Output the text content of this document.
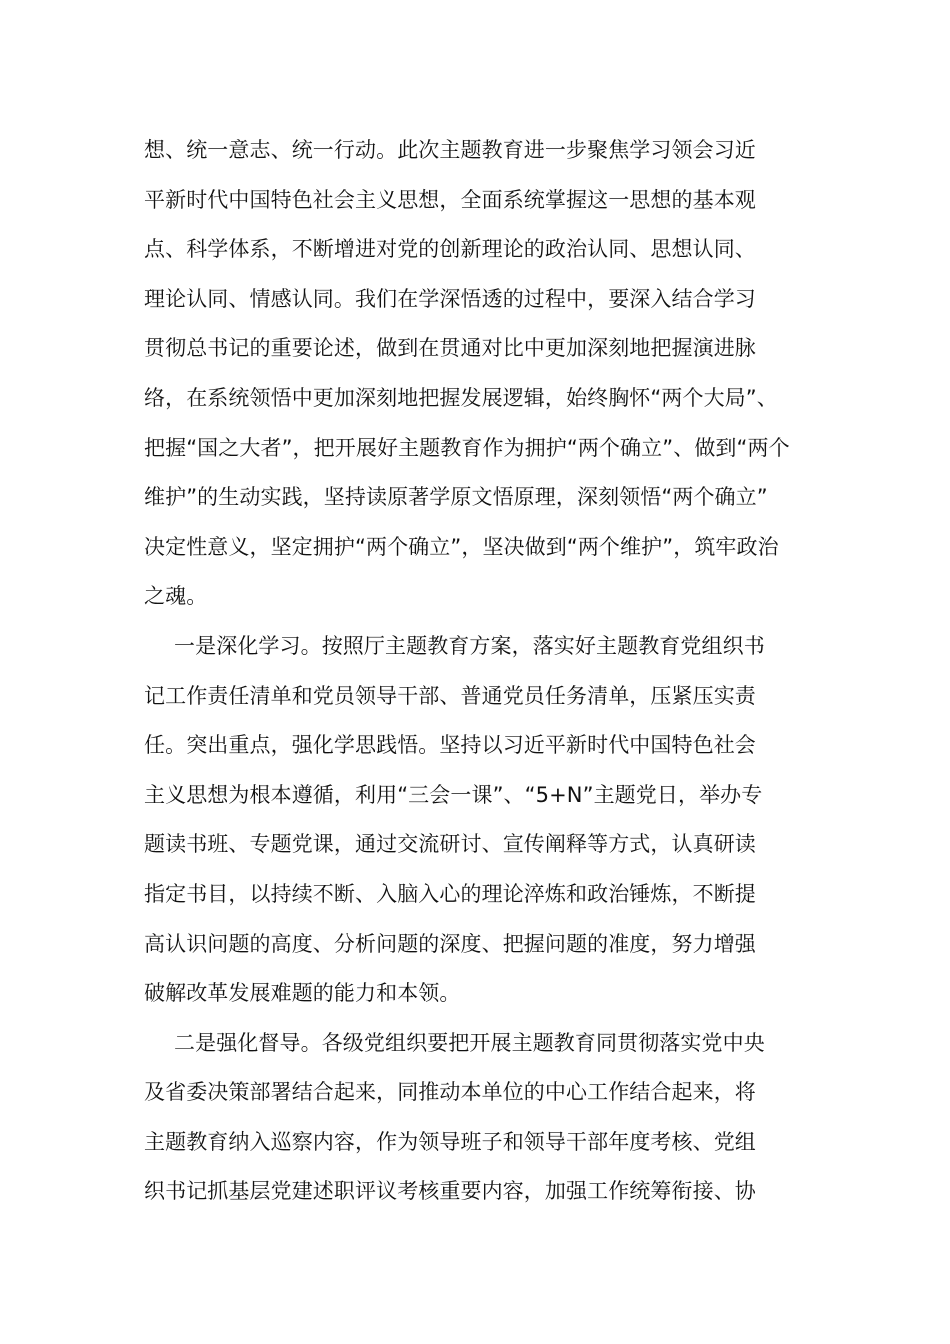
想、统一意志、统一行动。此次主题教育进一步聚焦学习领会习近
平新时代中国特色社会主义思想，全面系统掌握这一思想的基本观
点、科学体系，不断增进对党的创新理论的政治认同、思想认同、
理论认同、情感认同。我们在学深悟透的过程中，要深入结合学习
贯彻总书记的重要论述，做到在贯通对比中更加深刻地把握演进脉
络，在系统领悟中更加深刻地把握发展逻辑，始终胸怀“两个大局”、
把握“国之大者”，把开展好主题教育作为拥护“两个确立”、做到“两个
维护”的生动实践，坚持读原著学原文悟原理，深刻领悟“两个确立”
决定性意义，坚定拥护“两个确立”，坚决做到“两个维护”，筑牢政治
之魂。
一是深化学习。按照厅主题教育方案，落实好主题教育党组织书
记工作责任清单和党员领导干部、普通党员任务清单，压紧压实责
任。突出重点，强化学思践悟。坚持以习近平新时代中国特色社会
主义思想为根本遵循，利用“三会一课”、“5+N”主题党日，举办专
题读书班、专题党课，通过交流研讨、宣传阐释等方式，认真研读
指定书目，以持续不断、入脑入心的理论淬炼和政治锤炼，不断提
高认识问题的高度、分析问题的深度、把握问题的准度，努力增强
破解改革发展难题的能力和本领。
二是强化督导。各级党组织要把开展主题教育同贯彻落实党中央
及省委决策部署结合起来，同推动本单位的中心工作结合起来，将
主题教育纳入巡察内容，作为领导班子和领导干部年度考核、党组
织书记抓基层党建述职评议考核重要内容，加强工作统筹衔接、协
